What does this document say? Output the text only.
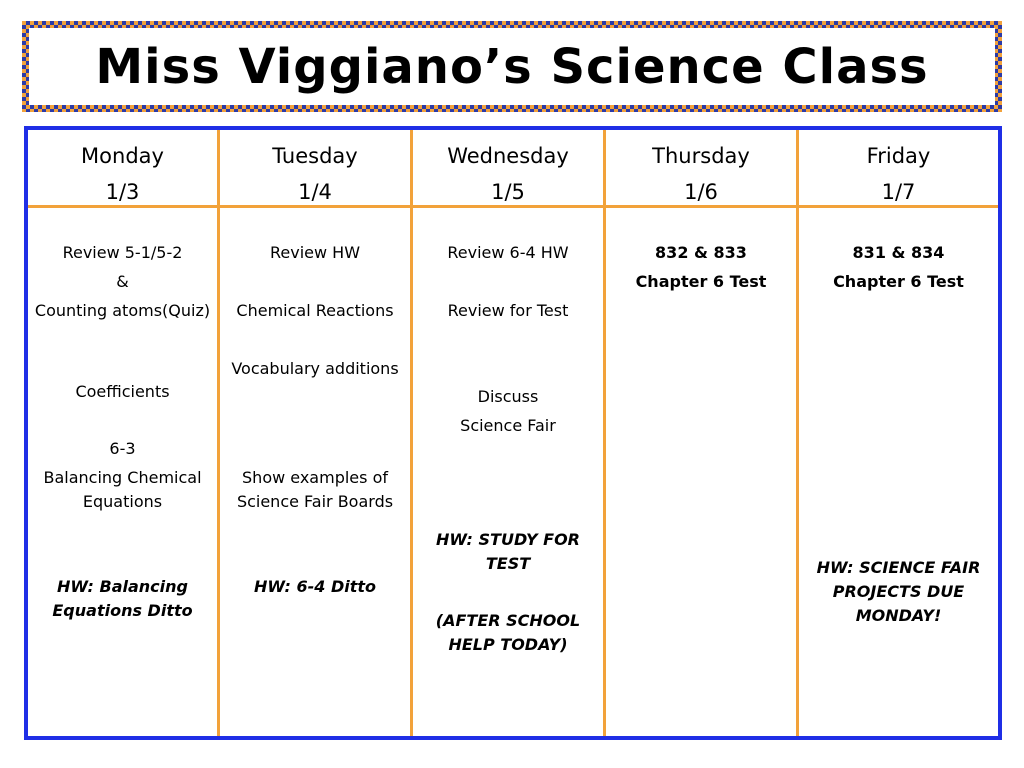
Miss Viggiano’s Science Class
Monday
1/3
Tuesday
1/4
Wednesday
1/5
Thursday
1/6
Friday
1/7
Review 5-1/5-2
&
Counting atoms(Quiz)
Coefficients
6-3
Balancing Chemical Equations
HW: Balancing Equations Ditto
Review HW
Chemical Reactions
Vocabulary additions
Show examples of Science Fair Boards
HW: 6-4 Ditto
Review 6-4 HW
Review for Test
Discuss
Science Fair
HW: STUDY FOR TEST
(AFTER SCHOOL HELP TODAY)
832 & 833
Chapter 6 Test
831 & 834
Chapter 6 Test
HW: SCIENCE FAIR PROJECTS DUE MONDAY!
